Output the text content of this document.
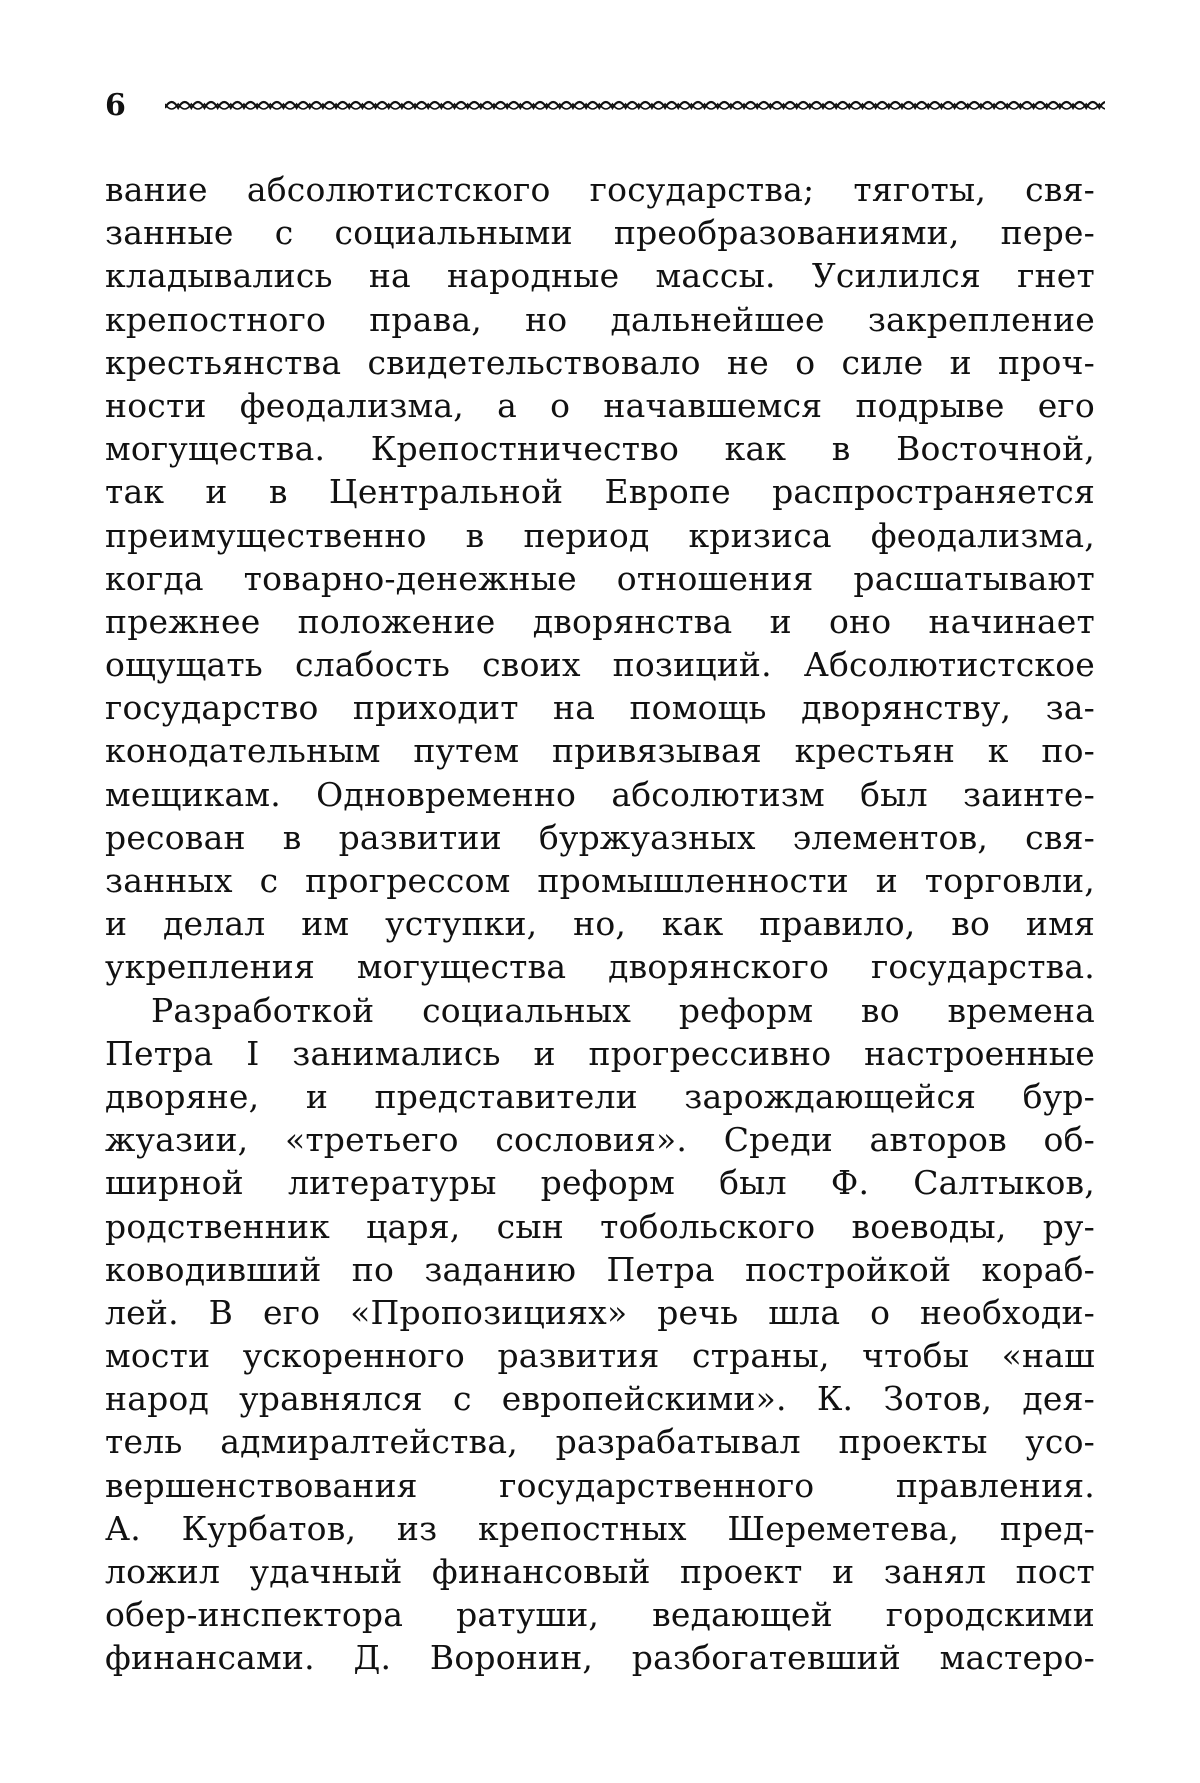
6
вание абсолютистского государства; тяготы, свя-
занные с социальными преобразованиями, пере-
кладывались на народные массы. Усилился гнет
крепостного права, но дальнейшее закрепление
крестьянства свидетельствовало не о силе и проч-
ности феодализма, а о начавшемся подрыве его
могущества. Крепостничество как в Восточной,
так и в Центральной Европе распространяется
преимущественно в период кризиса феодализма,
когда товарно-денежные отношения расшатывают
прежнее положение дворянства и оно начинает
ощущать слабость своих позиций. Абсолютистское
государство приходит на помощь дворянству, за-
конодательным путем привязывая крестьян к по-
мещикам. Одновременно абсолютизм был заинте-
ресован в развитии буржуазных элементов, свя-
занных с прогрессом промышленности и торговли,
и делал им уступки, но, как правило, во имя
укрепления могущества дворянского государства.
Разработкой социальных реформ во времена
Петра I занимались и прогрессивно настроенные
дворяне, и представители зарождающейся бур-
жуазии, «третьего сословия». Среди авторов об-
ширной литературы реформ был Ф. Салтыков,
родственник царя, сын тобольского воеводы, ру-
ководивший по заданию Петра постройкой кораб-
лей. В его «Пропозициях» речь шла о необходи-
мости ускоренного развития страны, чтобы «наш
народ уравнялся с европейскими». К. Зотов, дея-
тель адмиралтейства, разрабатывал проекты усо-
вершенствования государственного правления.
А. Курбатов, из крепостных Шереметева, пред-
ложил удачный финансовый проект и занял пост
обер-инспектора ратуши, ведающей городскими
финансами. Д. Воронин, разбогатевший мастеро-
